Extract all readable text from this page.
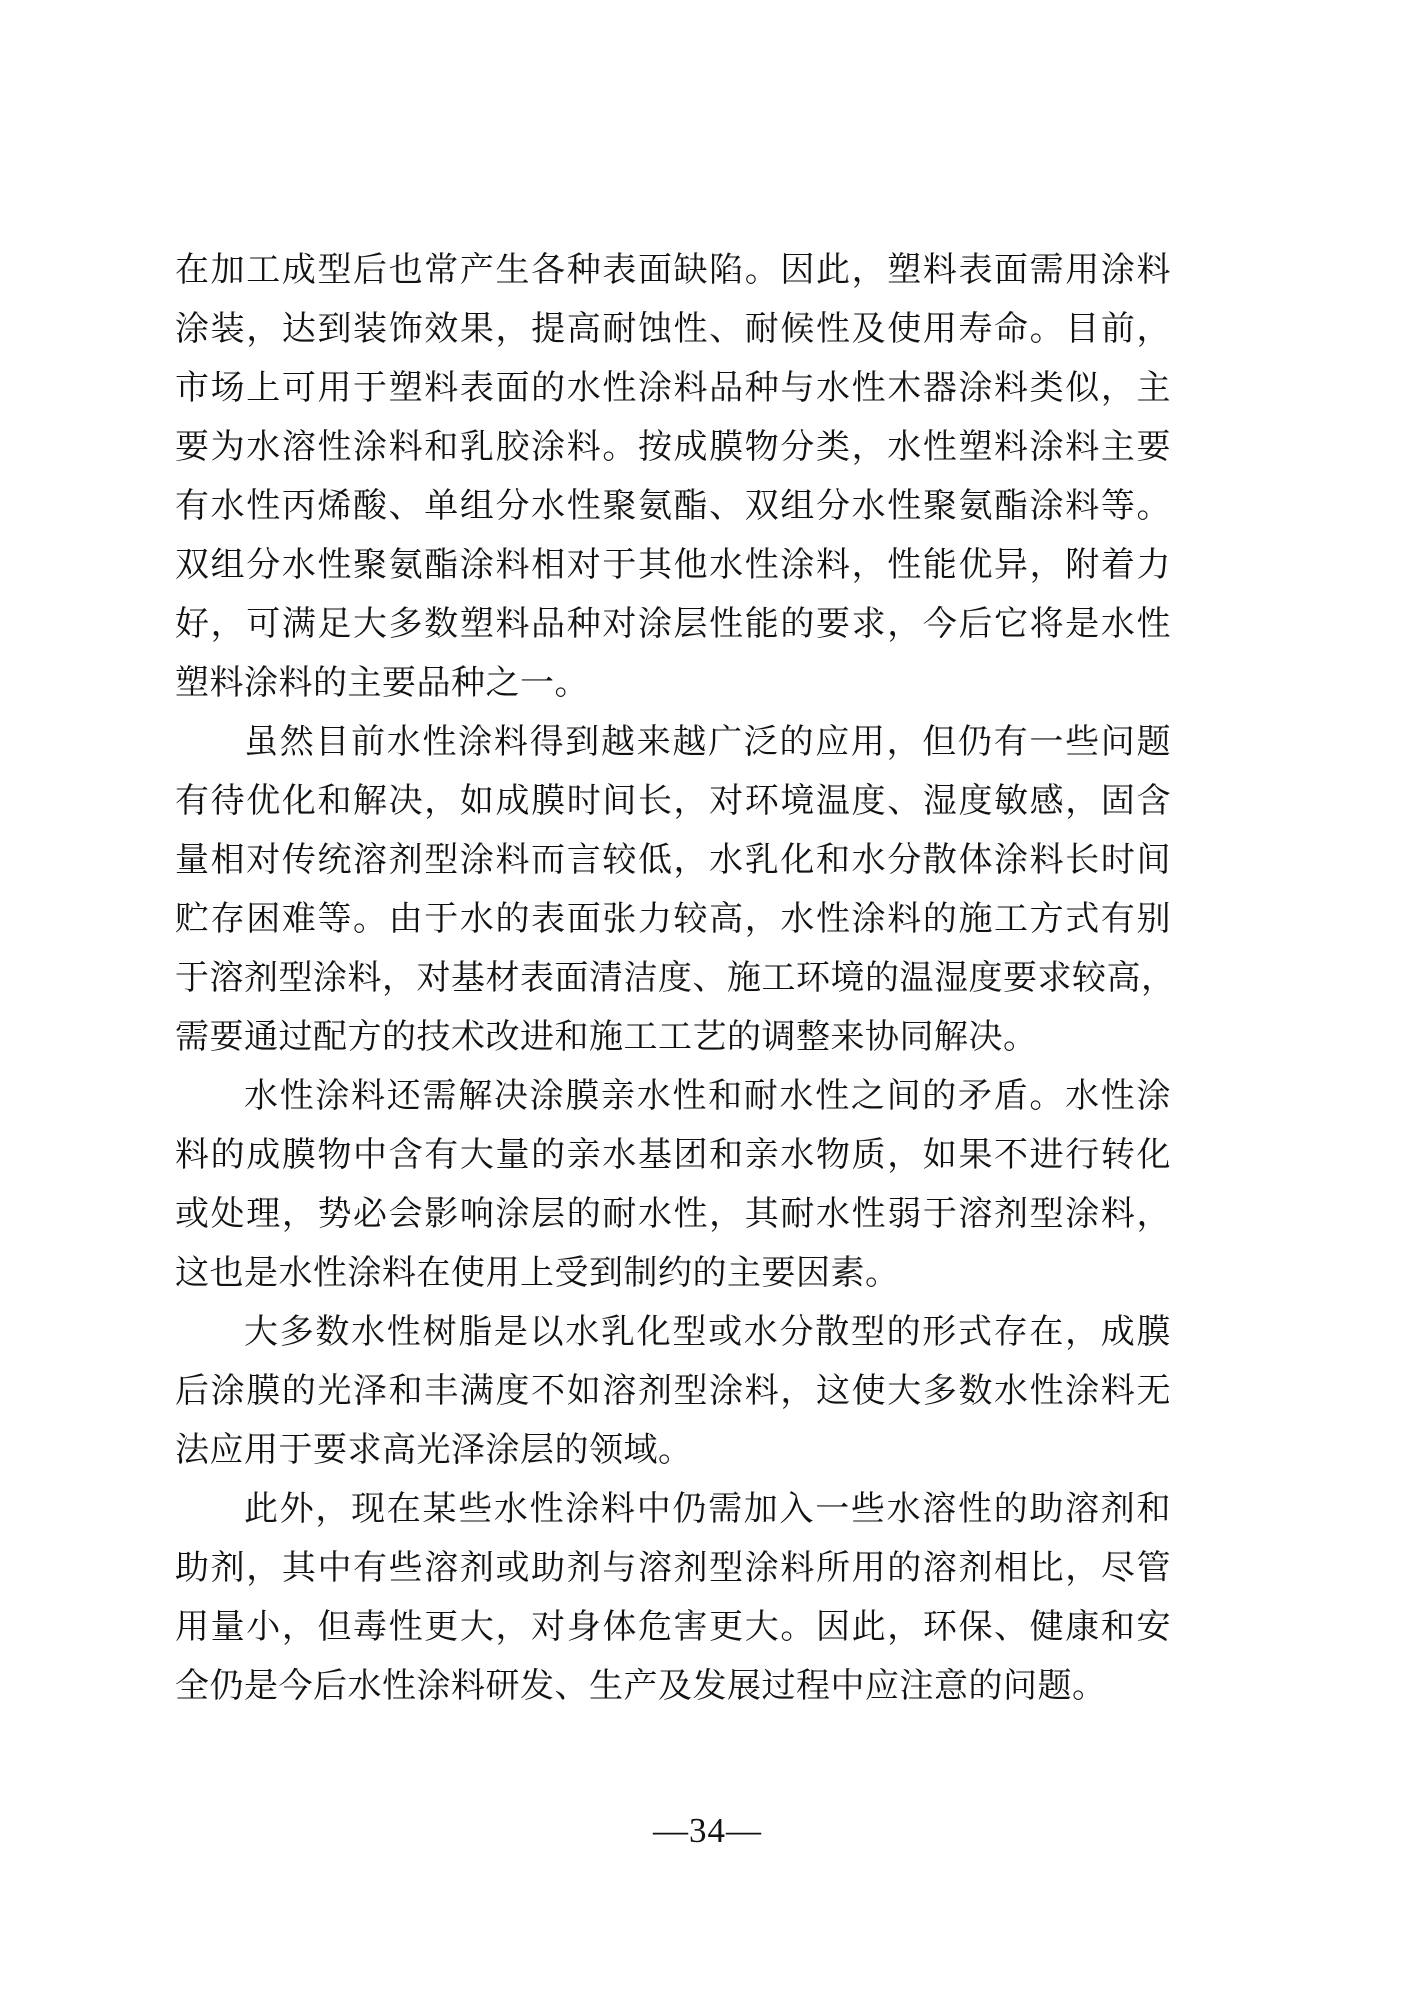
在加工成型后也常产生各种表面缺陷。因此，塑料表面需用涂料
涂装，达到装饰效果，提高耐蚀性、耐候性及使用寿命。目前，
市场上可用于塑料表面的水性涂料品种与水性木器涂料类似，主
要为水溶性涂料和乳胶涂料。按成膜物分类，水性塑料涂料主要
有水性丙烯酸、单组分水性聚氨酯、双组分水性聚氨酯涂料等。
双组分水性聚氨酯涂料相对于其他水性涂料，性能优异，附着力
好，可满足大多数塑料品种对涂层性能的要求，今后它将是水性
塑料涂料的主要品种之一。
虽然目前水性涂料得到越来越广泛的应用，但仍有一些问题
有待优化和解决，如成膜时间长，对环境温度、湿度敏感，固含
量相对传统溶剂型涂料而言较低，水乳化和水分散体涂料长时间
贮存困难等。由于水的表面张力较高，水性涂料的施工方式有别
于溶剂型涂料，对基材表面清洁度、施工环境的温湿度要求较高，
需要通过配方的技术改进和施工工艺的调整来协同解决。
水性涂料还需解决涂膜亲水性和耐水性之间的矛盾。水性涂
料的成膜物中含有大量的亲水基团和亲水物质，如果不进行转化
或处理，势必会影响涂层的耐水性，其耐水性弱于溶剂型涂料，
这也是水性涂料在使用上受到制约的主要因素。
大多数水性树脂是以水乳化型或水分散型的形式存在，成膜
后涂膜的光泽和丰满度不如溶剂型涂料，这使大多数水性涂料无
法应用于要求高光泽涂层的领域。
此外，现在某些水性涂料中仍需加入一些水溶性的助溶剂和
助剂，其中有些溶剂或助剂与溶剂型涂料所用的溶剂相比，尽管
用量小，但毒性更大，对身体危害更大。因此，环保、健康和安
全仍是今后水性涂料研发、生产及发展过程中应注意的问题。
—34—
